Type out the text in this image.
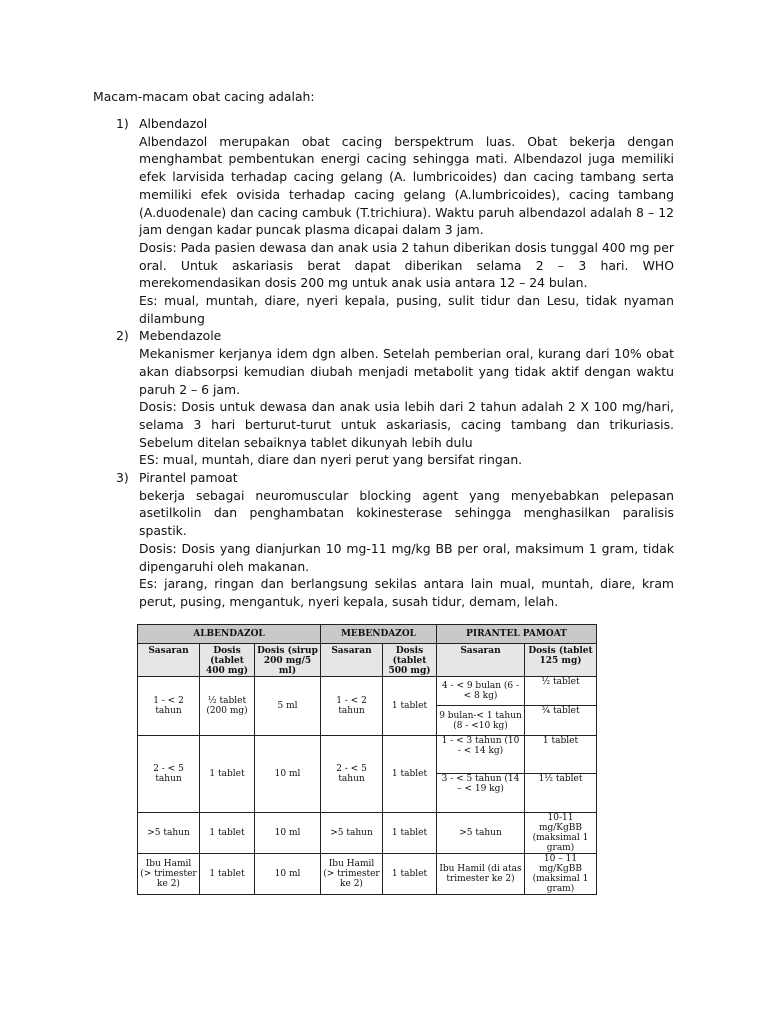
Macam-macam obat cacing adalah:
1) Albendazol

Albendazol merupakan obat cacing berspektrum luas. Obat bekerja dengan menghambat pembentukan energi cacing sehingga mati. Albendazol juga memiliki efek larvisida terhadap cacing gelang (A. lumbricoides) dan cacing tambang serta memiliki efek ovisida terhadap cacing gelang (A.lumbricoides), cacing tambang (A.duodenale) dan cacing cambuk (T.trichiura). Waktu paruh albendazol adalah 8 – 12 jam dengan kadar puncak plasma dicapai dalam 3 jam.

Dosis: Pada pasien dewasa dan anak usia 2 tahun diberikan dosis tunggal 400 mg per oral. Untuk askariasis berat dapat diberikan selama 2 – 3 hari. WHO merekomendasikan dosis 200 mg untuk anak usia antara 12 – 24 bulan.

Es: mual, muntah, diare, nyeri kepala, pusing, sulit tidur dan Lesu, tidak nyaman dilambung

2) Mebendazole

Mekanismer kerjanya idem dgn alben. Setelah pemberian oral, kurang dari 10% obat akan diabsorpsi kemudian diubah menjadi metabolit yang tidak aktif dengan waktu paruh 2 – 6 jam.

Dosis: Dosis untuk dewasa dan anak usia lebih dari 2 tahun adalah 2 X 100 mg/hari, selama 3 hari berturut-turut untuk askariasis, cacing tambang dan trikuriasis. Sebelum ditelan sebaiknya tablet dikunyah lebih dulu

ES: mual, muntah, diare dan nyeri perut yang bersifat ringan.

3) Pirantel pamoat

bekerja sebagai neuromuscular blocking agent yang menyebabkan pelepasan asetilkolin dan penghambatan kokinesterase sehingga menghasilkan paralisis spastik.

Dosis: Dosis yang dianjurkan 10 mg-11 mg/kg BB per oral, maksimum 1 gram, tidak dipengaruhi oleh makanan.

Es: jarang, ringan dan berlangsung sekilas antara lain mual, muntah, diare, kram perut, pusing, mengantuk, nyeri kepala, susah tidur, demam, lelah.

ALBENDAZOL			MEBENDAZOL		PIRANTEL PAMOAT	
Sasaran	Dosis (tablet 400 mg)	Dosis (sirup 200 mg/5 ml)	Sasaran	Dosis (tablet 500 mg)	Sasaran	Dosis (tablet 125 mg)
1 - < 2 tahun	½ tablet (200 mg)	5 ml	1 - < 2 tahun	1 tablet	4 - < 9 bulan (6 - < 8 kg)	½ tablet
					9 bulan-< 1 tahun (8 - <10 kg)	¾ tablet
2 - < 5 tahun	1 tablet	10 ml	2 - < 5 tahun	1 tablet	1 - < 3 tahun (10 - < 14 kg)	1 tablet
					3 - < 5 tahun (14 – < 19 kg)	1½ tablet
>5 tahun	1 tablet	10 ml	>5 tahun	1 tablet	>5 tahun	10-11 mg/KgBB (maksimal 1 gram)
Ibu Hamil (> trimester ke 2)	1 tablet	10 ml	Ibu Hamil (> trimester ke 2)	1 tablet	Ibu Hamil (di atas trimester ke 2)	10 – 11 mg/KgBB (maksimal 1 gram)
